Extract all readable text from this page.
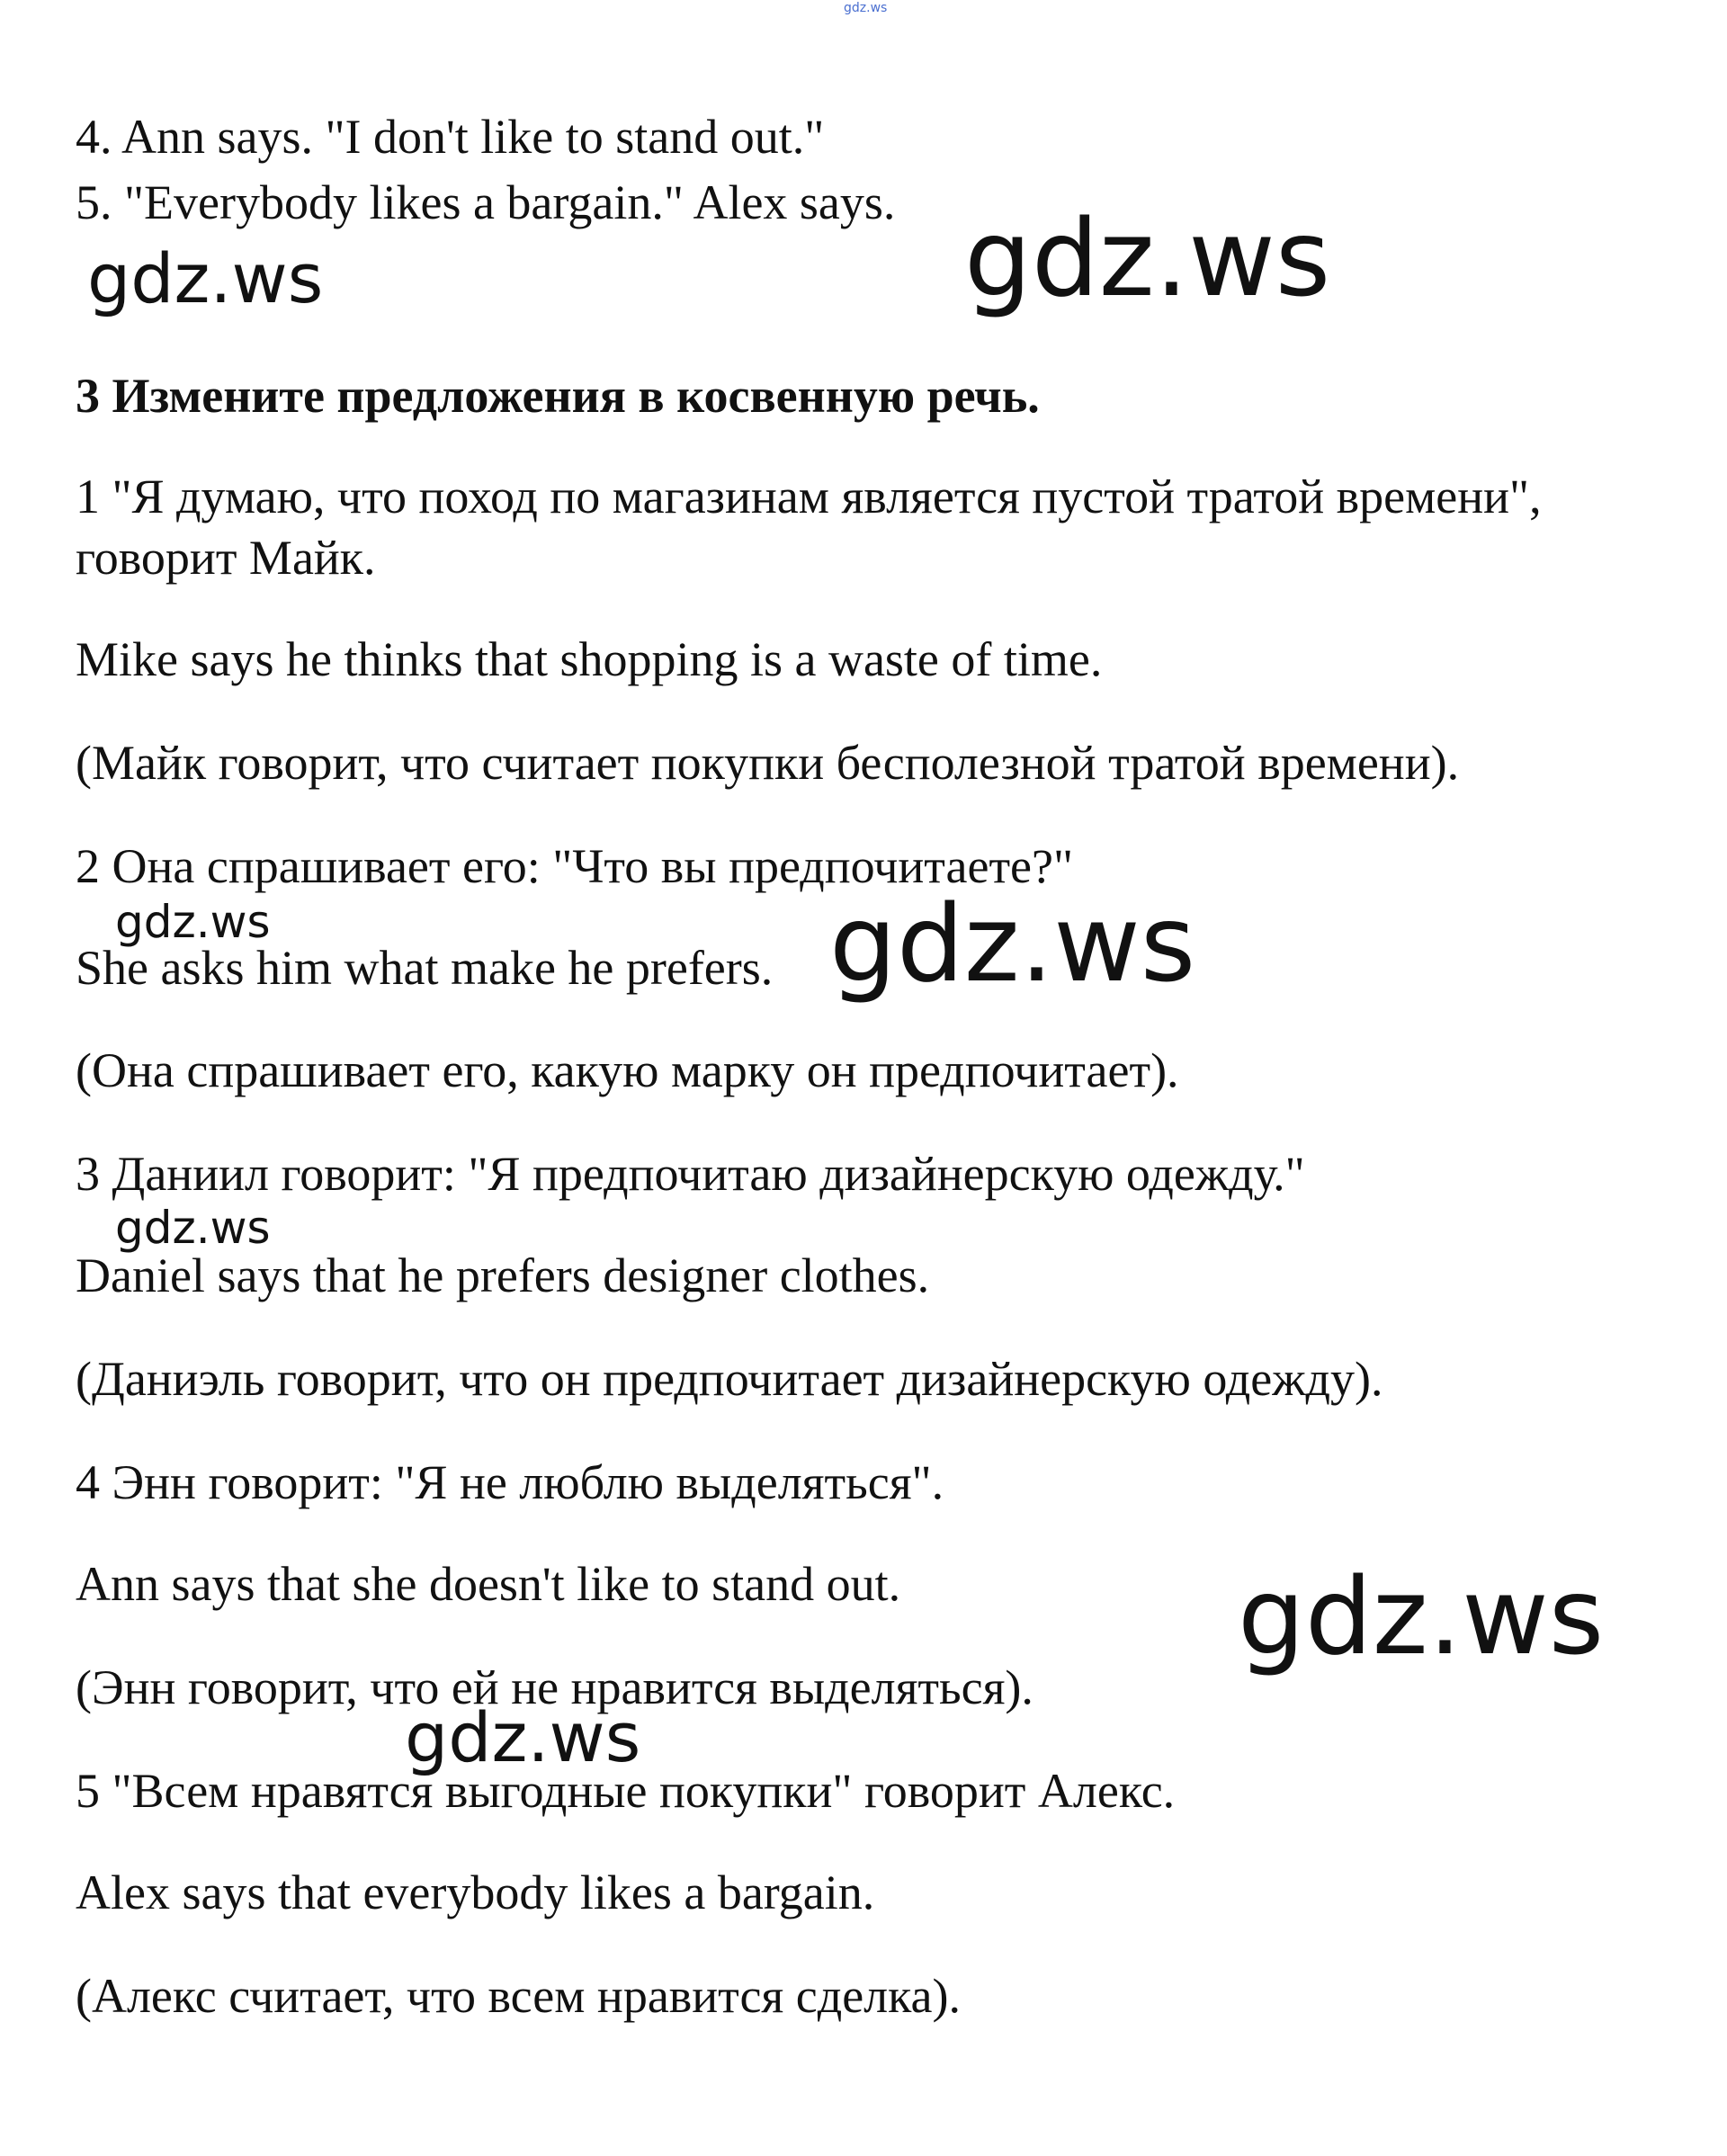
gdz.ws
4. Ann says. "I don't like to stand out."
5. "Everybody likes a bargain." Alex says.
gdz.ws	gdz.ws
3 Измените предложения в косвенную речь.
1 "Я думаю, что поход по магазинам является пустой тратой времени",
говорит Майк.
Mike says he thinks that shopping is a waste of time.
(Майк говорит, что считает покупки бесполезной тратой времени).
2 Она спрашивает его: "Что вы предпочитаете?"
gdz.ws
She asks him what make he prefers. gdz.ws
(Она спрашивает его, какую марку он предпочитает).
3 Даниил говорит: "Я предпочитаю дизайнерскую одежду."
gdz.ws
Daniel says that he prefers designer clothes.
(Даниэль говорит, что он предпочитает дизайнерскую одежду).
4 Энн говорит: "Я не люблю выделяться".
Ann says that she doesn't like to stand out.	gdz.ws
(Энн говорит, что ей не нравится выделяться).
gdz.ws
5 "Всем нравятся выгодные покупки" говорит Алекс.
Alex says that everybody likes a bargain.
(Алекс считает, что всем нравится сделка).
